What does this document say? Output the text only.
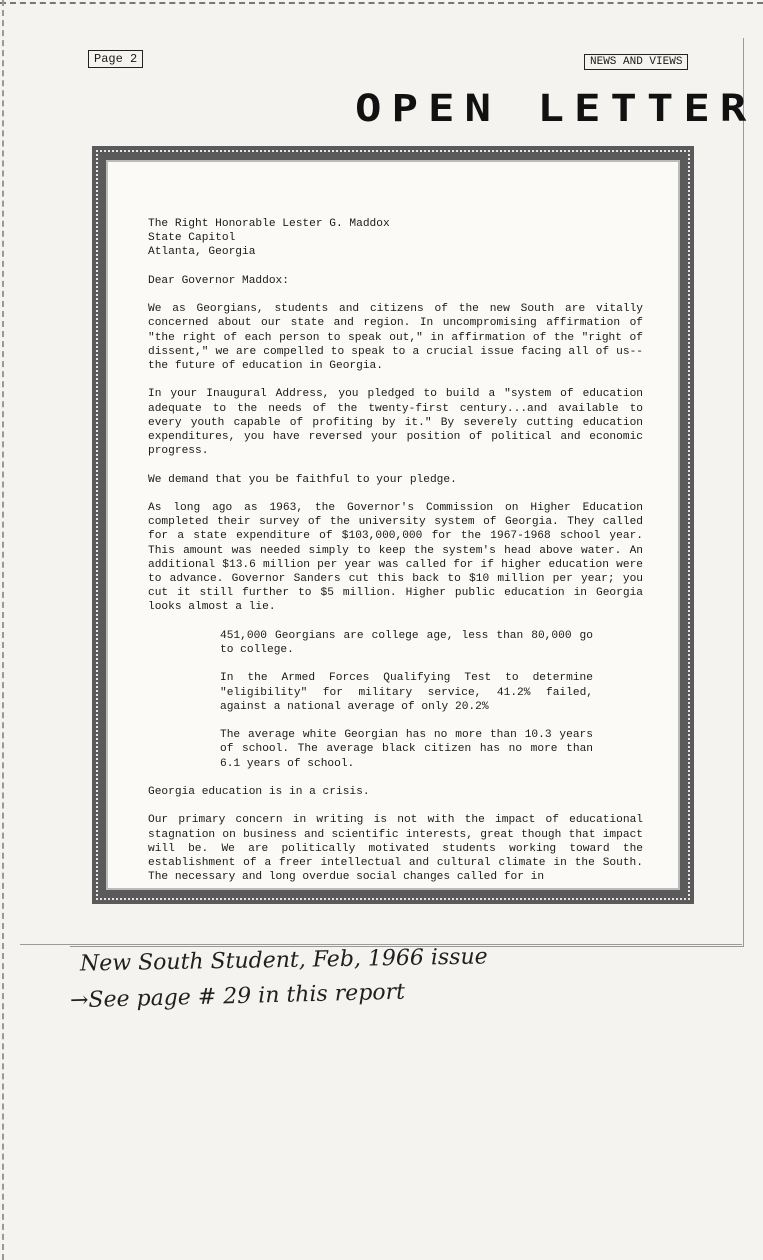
Page 2	NEWS AND VIEWS
OPEN LETTER

The Right Honorable Lester G. Maddox

State Capitol

Atlanta, Georgia

Dear Governor Maddox:

We as Georgians, students and citizens of the new South are vitally concerned about our state and region. In uncompromising affirmation of "the right of each person to speak out," in affirmation of the "right of dissent," we are compelled to speak to a crucial issue facing all of us--the future of education in Georgia.

In your Inaugural Address, you pledged to build a "system of education adequate to the needs of the twenty-first century...and available to every youth capable of profiting by it." By severely cutting education expenditures, you have reversed your position of political and economic progress.

We demand that you be faithful to your pledge.

As long ago as 1963, the Governor's Commission on Higher Education completed their survey of the university system of Georgia. They called for a state expenditure of $103,000,000 for the 1967-1968 school year. This amount was needed simply to keep the system's head above water. An additional $13.6 million per year was called for if higher education were to advance. Governor Sanders cut this back to $10 million per year; you cut it still further to $5 million. Higher public education in Georgia looks almost a lie.

451,000 Georgians are college age, less than 80,000 go to college.

In the Armed Forces Qualifying Test to determine "eligibility" for military service, 41.2% failed, against a national average of only 20.2%

The average white Georgian has no more than 10.3 years of school. The average black citizen has no more than 6.1 years of school.

Georgia education is in a crisis.

Our primary concern in writing is not with the impact of educational stagnation on business and scientific interests, great though that impact will be. We are politically motivated students working toward the establishment of a freer intellectual and cultural climate in the South. The necessary and long overdue social changes called for in

New South Student, Feb, 1966 issue
→See page # 29 in this report
